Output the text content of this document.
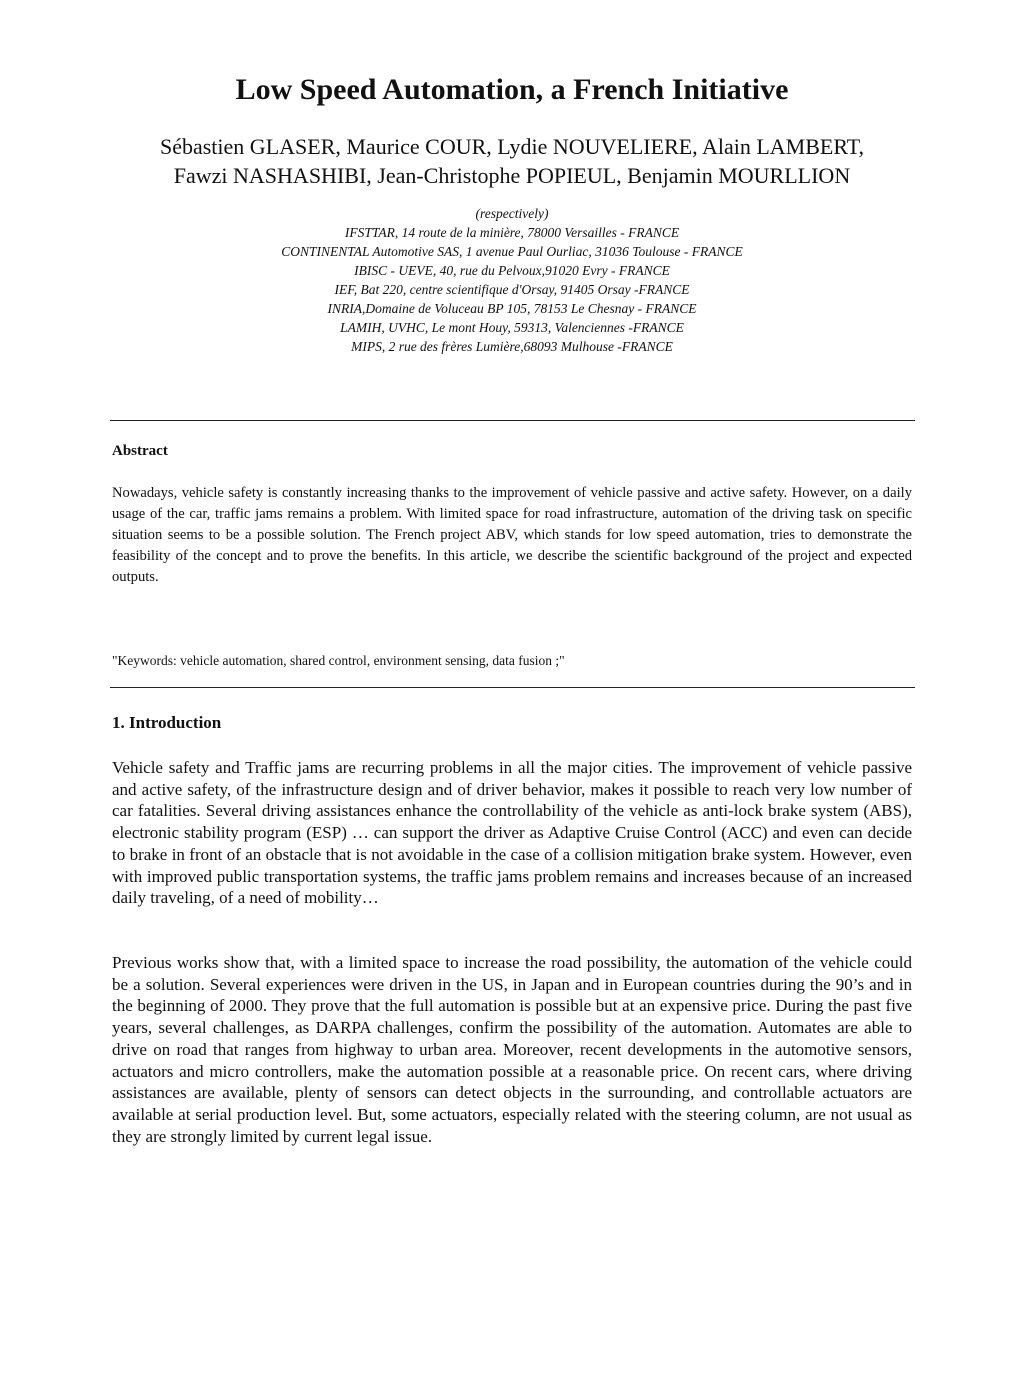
Low Speed Automation, a French Initiative
Sébastien GLASER, Maurice COUR, Lydie NOUVELIERE, Alain LAMBERT,
Fawzi NASHASHIBI, Jean-Christophe POPIEUL, Benjamin MOURLLION
(respectively)
IFSTTAR, 14 route de la minière, 78000 Versailles - FRANCE
CONTINENTAL Automotive SAS, 1 avenue Paul Ourliac, 31036 Toulouse - FRANCE
IBISC - UEVE, 40, rue du Pelvoux,91020 Evry - FRANCE
IEF, Bat 220, centre scientifique d'Orsay, 91405 Orsay -FRANCE
INRIA,Domaine de Voluceau BP 105, 78153 Le Chesnay - FRANCE
LAMIH, UVHC, Le mont Houy, 59313, Valenciennes -FRANCE
MIPS, 2 rue des frères Lumière,68093 Mulhouse -FRANCE
Abstract

Nowadays, vehicle safety is constantly increasing thanks to the improvement of vehicle passive and active safety. However, on a daily usage of the car, traffic jams remains a problem. With limited space for road infrastructure, automation of the driving task on specific situation seems to be a possible solution. The French project ABV, which stands for low speed automation, tries to demonstrate the feasibility of the concept and to prove the benefits. In this article, we describe the scientific background of the project and expected outputs.

"Keywords: vehicle automation, shared control, environment sensing, data fusion ;"

1. Introduction

Vehicle safety and Traffic jams are recurring problems in all the major cities. The improvement of vehicle passive and active safety, of the infrastructure design and of driver behavior, makes it possible to reach very low number of car fatalities. Several driving assistances enhance the controllability of the vehicle as anti-lock brake system (ABS), electronic stability program (ESP) … can support the driver as Adaptive Cruise Control (ACC) and even can decide to brake in front of an obstacle that is not avoidable in the case of a collision mitigation brake system. However, even with improved public transportation systems, the traffic jams problem remains and increases because of an increased daily traveling, of a need of mobility…

Previous works show that, with a limited space to increase the road possibility, the automation of the vehicle could be a solution. Several experiences were driven in the US, in Japan and in European countries during the 90’s and in the beginning of 2000. They prove that the full automation is possible but at an expensive price. During the past five years, several challenges, as DARPA challenges, confirm the possibility of the automation. Automates are able to drive on road that ranges from highway to urban area. Moreover, recent developments in the automotive sensors, actuators and micro controllers, make the automation possible at a reasonable price. On recent cars, where driving assistances are available, plenty of sensors can detect objects in the surrounding, and controllable actuators are available at serial production level. But, some actuators, especially related with the steering column, are not usual as they are strongly limited by current legal issue.
